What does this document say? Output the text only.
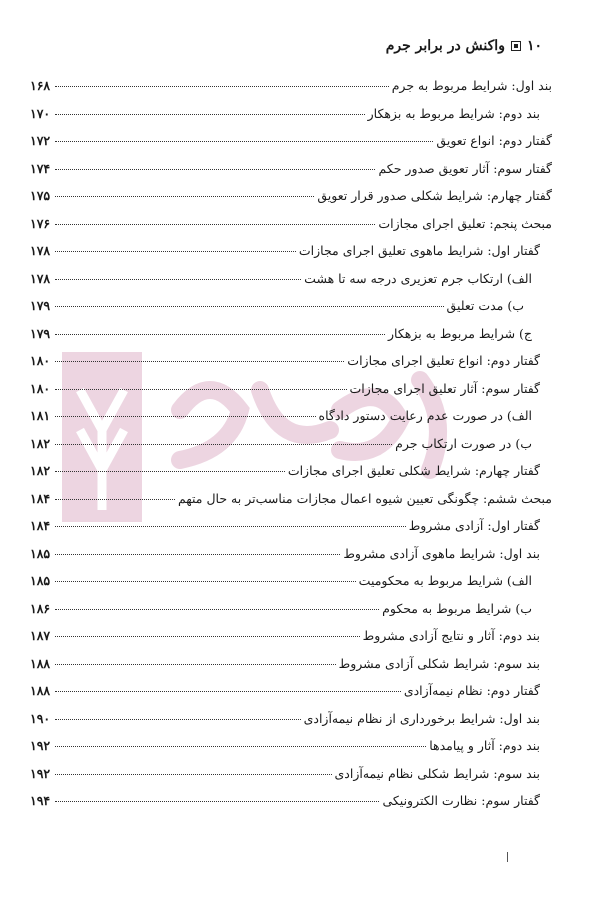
۱۰
واکنش در برابر جرم
بند اول: شرایط مربوط به جرم
۱۶۸
بند دوم: شرایط مربوط به بزهکار
۱۷۰
گفتار دوم: انواع تعویق
۱۷۲
گفتار سوم: آثار تعویق صدور حکم
۱۷۴
گفتار چهارم: شرایط شکلی صدور قرار تعویق
۱۷۵
مبحث پنجم: تعلیق اجرای مجازات
۱۷۶
گفتار اول: شرایط ماهوی تعلیق اجرای مجازات
۱۷۸
الف) ارتکاب جرم تعزیری درجه سه تا هشت
۱۷۸
ب) مدت تعلیق
۱۷۹
ج) شرایط مربوط به بزهکار
۱۷۹
گفتار دوم: انواع تعلیق اجرای مجازات
۱۸۰
گفتار سوم: آثار تعلیق اجرای مجازات
۱۸۰
الف) در صورت عدم رعایت دستور دادگاه
۱۸۱
ب) در صورت ارتکاب جرم
۱۸۲
گفتار چهارم: شرایط شکلی تعلیق اجرای مجازات
۱۸۲
مبحث ششم: چگونگی تعیین شیوه اعمال مجازات مناسب‌تر به حال متهم
۱۸۴
گفتار اول: آزادی مشروط
۱۸۴
بند اول: شرایط ماهوی آزادی مشروط
۱۸۵
الف) شرایط مربوط به محکومیت
۱۸۵
ب) شرایط مربوط به محکوم
۱۸۶
بند دوم: آثار و نتایج آزادی مشروط
۱۸۷
بند سوم: شرایط شکلی آزادی مشروط
۱۸۸
گفتار دوم: نظام نیمه‌آزادی
۱۸۸
بند اول: شرایط برخورداری از نظام نیمه‌آزادی
۱۹۰
بند دوم: آثار و پیامدها
۱۹۲
بند سوم: شرایط شکلی نظام نیمه‌آزادی
۱۹۲
گفتار سوم: نظارت الکترونیکی
۱۹۴
